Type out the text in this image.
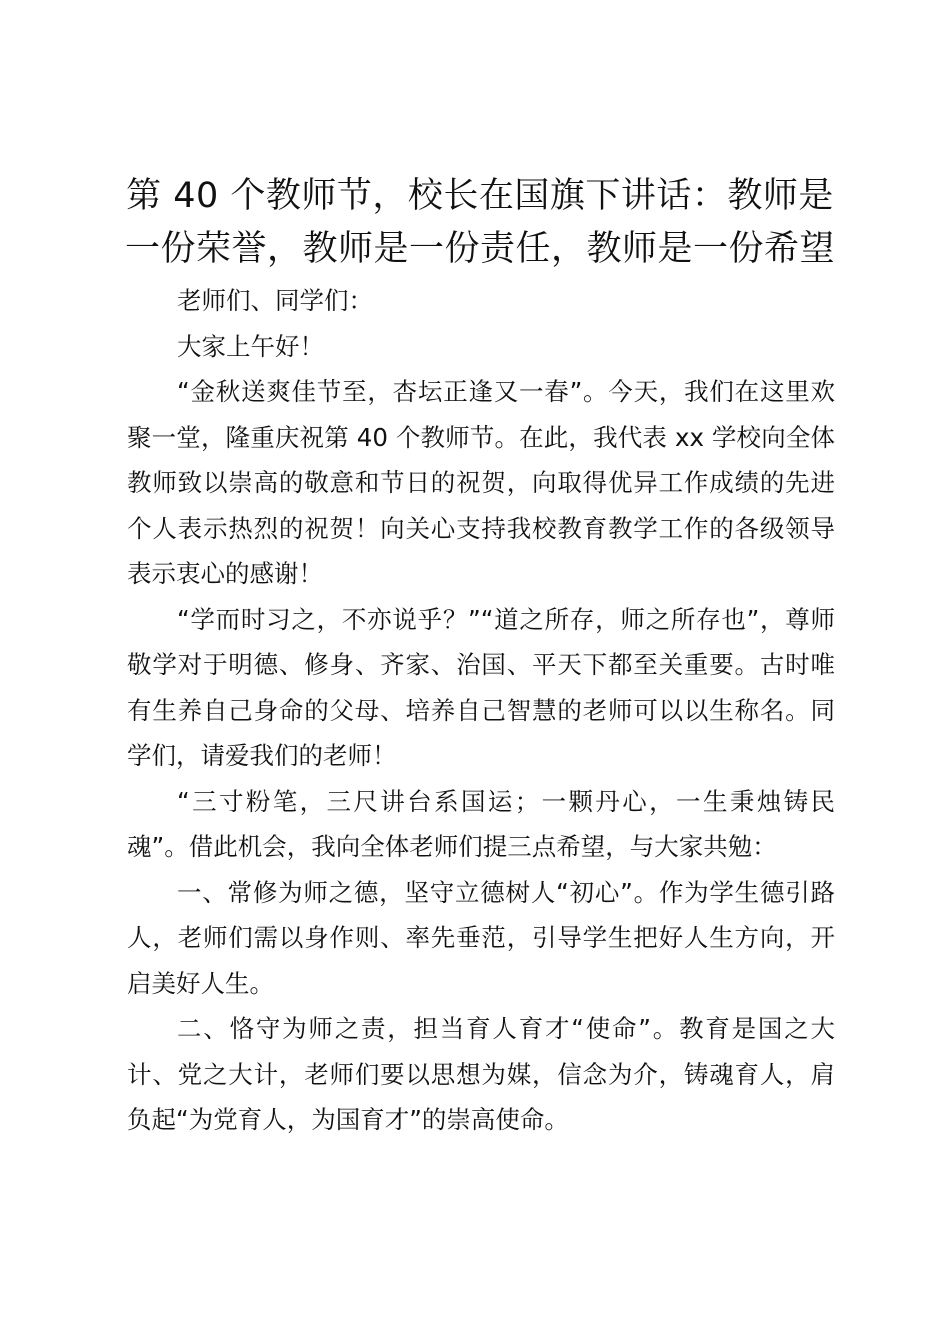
第 40 个教师节，校长在国旗下讲话：教师是一份荣誉，教师是一份责任，教师是一份希望

老师们、同学们：

大家上午好！

“金秋送爽佳节至，杏坛正逢又一春”。今天，我们在这里欢聚一堂，隆重庆祝第 40 个教师节。在此，我代表 xx 学校向全体教师致以崇高的敬意和节日的祝贺，向取得优异工作成绩的先进个人表示热烈的祝贺！向关心支持我校教育教学工作的各级领导表示衷心的感谢！

“学而时习之，不亦说乎？”“道之所存，师之所存也”，尊师敬学对于明德、修身、齐家、治国、平天下都至关重要。古时唯有生养自己身命的父母、培养自己智慧的老师可以以生称名。同学们，请爱我们的老师！

“三寸粉笔，三尺讲台系国运；一颗丹心，一生秉烛铸民魂”。借此机会，我向全体老师们提三点希望，与大家共勉：

一、常修为师之德，坚守立德树人“初心”。作为学生德引路人，老师们需以身作则、率先垂范，引导学生把好人生方向，开启美好人生。

二、恪守为师之责，担当育人育才“使命”。教育是国之大计、党之大计，老师们要以思想为媒，信念为介，铸魂育人，肩负起“为党育人，为国育才”的崇高使命。
